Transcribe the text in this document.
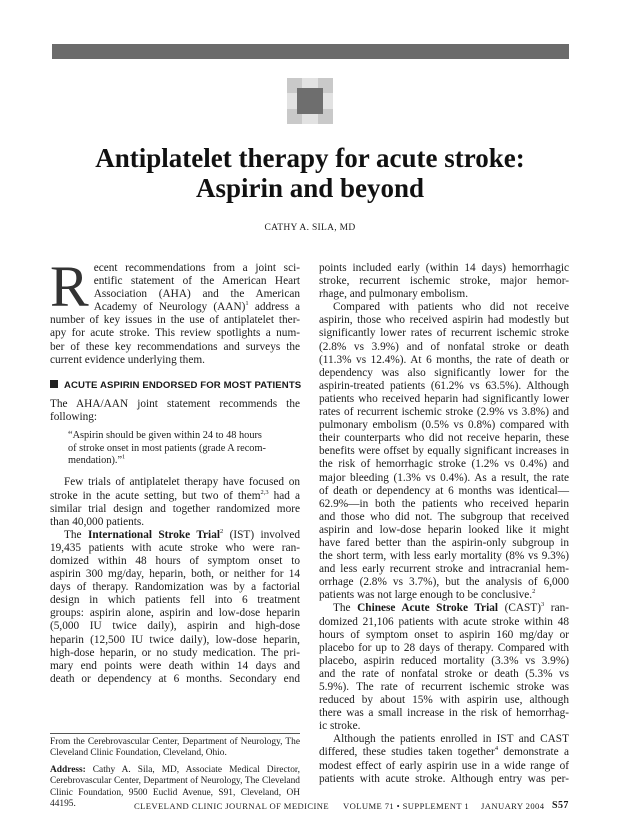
Antiplatelet therapy for acute stroke:
Aspirin and beyond
CATHY A. SILA, MD
R ecent recommendations from a joint sci-
entific statement of the American Heart
Association (AHA) and the American
Academy of Neurology (AAN)$^1$ address a
number of key issues in the use of antiplatelet ther-
apy for acute stroke. This review spotlights a num-
ber of these key recommendations and surveys the
current evidence underlying them.
ACUTE ASPIRIN ENDORSED FOR MOST PATIENTS
The AHA/AAN joint statement recommends the
following:
“Aspirin should be given within 24 to 48 hours
of stroke onset in most patients (grade A recom-
mendation).”$^1$
Few trials of antiplatelet therapy have focused on
stroke in the acute setting, but two of them$^{2,3}$ had a
similar trial design and together randomized more
than 40,000 patients.
The International Stroke Trial$^2$ (IST) involved
19,435 patients with acute stroke who were ran-
domized within 48 hours of symptom onset to
aspirin 300 mg/day, heparin, both, or neither for 14
days of therapy. Randomization was by a factorial
design in which patients fell into 6 treatment
groups: aspirin alone, aspirin and low-dose heparin
(5,000 IU twice daily), aspirin and high-dose
heparin (12,500 IU twice daily), low-dose heparin,
high-dose heparin, or no study medication. The pri-
mary end points were death within 14 days and
death or dependency at 6 months. Secondary end

From the Cerebrovascular Center, Department of Neurology, The Cleveland Clinic Foundation, Cleveland, Ohio.

Address: Cathy A. Sila, MD, Associate Medical Director, Cerebrovascular Center, Department of Neurology, The Cleveland Clinic Foundation, 9500 Euclid Avenue, S91, Cleveland, OH 44195.

points included early (within 14 days) hemorrhagic
stroke, recurrent ischemic stroke, major hemor-
rhage, and pulmonary embolism.
Compared with patients who did not receive
aspirin, those who received aspirin had modestly but
significantly lower rates of recurrent ischemic stroke
(2.8% vs 3.9%) and of nonfatal stroke or death
(11.3% vs 12.4%). At 6 months, the rate of death or
dependency was also significantly lower for the
aspirin-treated patients (61.2% vs 63.5%). Although
patients who received heparin had significantly lower
rates of recurrent ischemic stroke (2.9% vs 3.8%) and
pulmonary embolism (0.5% vs 0.8%) compared with
their counterparts who did not receive heparin, these
benefits were offset by equally significant increases in
the risk of hemorrhagic stroke (1.2% vs 0.4%) and
major bleeding (1.3% vs 0.4%). As a result, the rate
of death or dependency at 6 months was identical—
62.9%—in both the patients who received heparin
and those who did not. The subgroup that received
aspirin and low-dose heparin looked like it might
have fared better than the aspirin-only subgroup in
the short term, with less early mortality (8% vs 9.3%)
and less early recurrent stroke and intracranial hem-
orrhage (2.8% vs 3.7%), but the analysis of 6,000
patients was not large enough to be conclusive.$^2$
The Chinese Acute Stroke Trial (CAST)$^3$ ran-
domized 21,106 patients with acute stroke within 48
hours of symptom onset to aspirin 160 mg/day or
placebo for up to 28 days of therapy. Compared with
placebo, aspirin reduced mortality (3.3% vs 3.9%)
and the rate of nonfatal stroke or death (5.3% vs
5.9%). The rate of recurrent ischemic stroke was
reduced by about 15% with aspirin use, although
there was a small increase in the risk of hemorrhag-
ic stroke.
Although the patients enrolled in IST and CAST
differed, these studies taken together$^4$ demonstrate a
modest effect of early aspirin use in a wide range of
patients with acute stroke. Although entry was per-
CLEVELAND CLINIC JOURNAL OF MEDICINE VOLUME 71 • SUPPLEMENT 1 JANUARY 2004 S57
